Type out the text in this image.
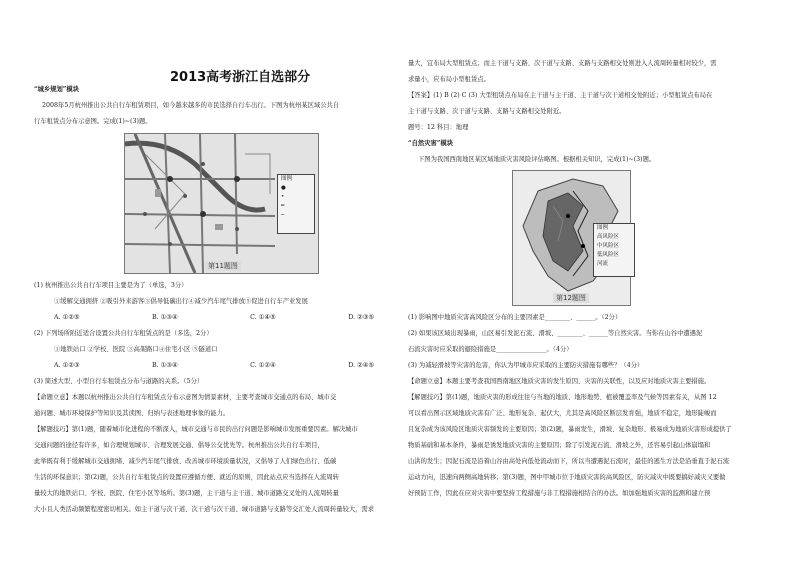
2013高考浙江自选部分
“城乡规划”模块
2008年5月杭州推出公共自行车租赁项目，如今越来越多的市民选择自行车出行。下图为杭州某区域公共自
行车租赁点分布示意图。完成(1)~(3)题。
图例
●
•
━
─
第11题图
(1) 杭州推出公共自行车项目主要是为了（单选，3分）
①缓解交通拥挤 ②吸引外来游客③倡导低碳出行④减少汽车尾气排放⑤促进自行车产业发展
A. ①②⑤	B. ①③④	C. ①④⑤	D. ②③⑤
(2) 下列场所附近适合设置公共自行车租赁点的是（多选，2分）
①地铁站口 ②学校、医院 ③高架路口④住宅小区 ⑤隧道口
A. ①②③	B. ①③④	C. ①②④	D. ②④⑤
(3) 简述大型、小型自行车租赁点分布与道路的关系。（5分）
【命题立意】本题以杭州推出公共自行车租赁点分布示意图为情景素材，主要考查城市交通点的布局、城市交
通问题、城市环境保护等知识及其读图、归纳与表述地理事象的能力。
【解题技巧】第(1)题，随着城市化进程的不断深入，城市交通与市民的出行问题是影响城市发展重要因素。解决城市
交通问题的途径有许多，如合理规划城市、合理发展交通、倡导公交优先等。杭州推出公共自行车项目，
此举既有利于缓解城市交通拥堵、减少汽车尾气排放、改善城市环境质量状况，又倡导了人们绿色出行、低碳
生活的环保意识；第(2)题，公共自行车租赁点的设置应遵循方便、就近的原则，因此站点应当选择在人流周转
量较大的地铁站口、学校、医院、住宅小区等场所。第(3)题，主干道与主干道、城市道路交叉处的人流周转量
大小且人类活动频繁程度密切相关。如主干道与次干道、次干道与次干道、城市道路与支路等交汇处人流周转量较大，需求
量大，宜布局大型租赁点；而主干道与支路、次干道与支路、支路与支路相交处则进入人流周转量相对较少，需
求量小，应布局小型租赁点。
【答案】(1) B (2) C (3) 大型租赁点布局在主干道与主干道、主干道与次干道相交处附近；小型租赁点布局在
主干道与支路、次干道与支路、支路与支路相交处附近。
题号：12 科目：地理
“自然灾害”模块
下图为我国西南地区某区域地质灾害风险评估略图。根据相关知识，完成(1)~(3)题。
图例
高风险区
中风险区
低风险区
河流
第12题图
(1) 影响图中地质灾害高风险区分布的主要因素是________、______。（2分）
(2) 如果该区域出现暴雨，山区易引发泥石流、滑坡、________、______等自然灾害。当你在山谷中遭遇泥
石流灾害时应采取的避险措施是________________。（4分）
(3) 为减轻滑坡等灾害的危害，你认为甲城市应采取的主要防灾措施有哪些？（4分）
【命题立意】本题主要考查我国西南地区地质灾害的发生原因、灾害的关联性，以及应对地质灾害主要措施。
【解题技巧】第(1)题，地质灾害的形成往往与当地的地质、地形地势、植被覆盖率及气候等因素有关，从图 12
可以看出图示区域地质灾害有广泛、地形复杂、起伏大，尤其是高风险区断层发育强，地质不稳定，地形陡峻而
且复杂成为该风险区地质灾害频发的主要原因；第(2)题，暴雨发生，滑坡、复杂地形、极易成为地质灾害形成提供了
物质基础和基本条件，暴雨是诱发地质灾害的主要原因；除了引发泥石流、滑坡之外，还容易引起山体崩塌和
山洪的发生；因泥石流是沿着山谷由高处向低处流动而下，所以当遭遇泥石流时，最佳的逃生方法是沿垂直于泥石流
运动方向，迅速向两侧高地转移；第(3)题，图中甲城市位于地质灾害的高风险区，防灾减灾中既要搞好减灾又要做
好预防工作，因此在应对灾害中要坚持工程措施与非工程措施相结合的办法。如加强地质灾害的监测和建立预
